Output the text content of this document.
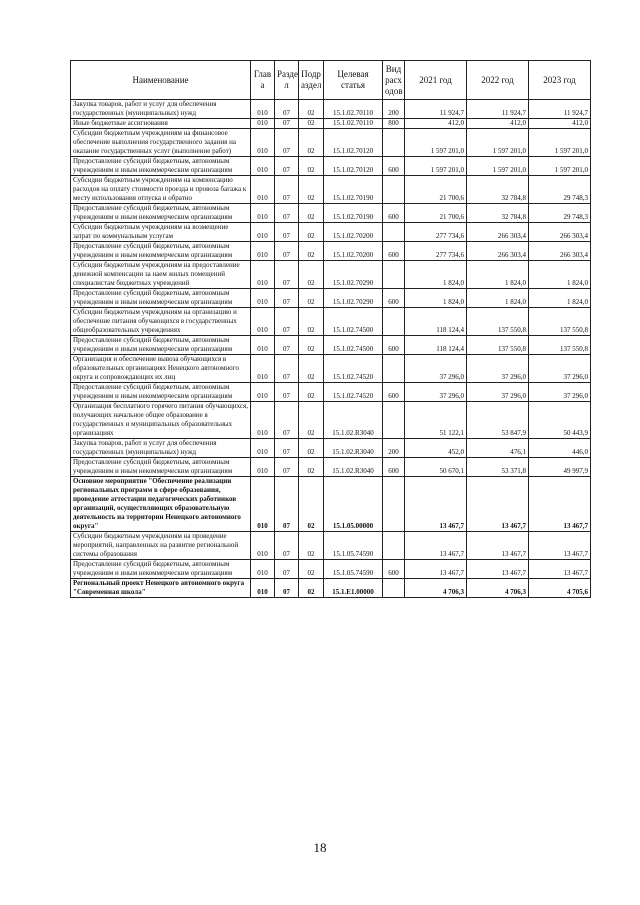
Наименование	Глав а	Разде л	Подр аздел	Целевая статья	Вид расх одов	2021 год	2022 год	2023 год
Закупка товаров, работ и услуг для обеспечения государственных (муниципальных) нужд	010	07	02	15.1.02.70110	200	11 924,7	11 924,7	11 924,7
Иные бюджетные ассигнования	010	07	02	15.1.02.70110	800	412,0	412,0	412,0
Субсидии бюджетным учреждениям на финансовое обеспечение выполнения государственного задания на оказание государственных услуг (выполнение работ)	010	07	02	15.1.02.70120		1 597 201,0	1 597 201,0	1 597 201,0
Предоставление субсидий бюджетным, автономным учреждениям и иным некоммерческим организациям	010	07	02	15.1.02.70120	600	1 597 201,0	1 597 201,0	1 597 201,0
Субсидии бюджетным учреждениям на компенсацию расходов на оплату стоимости проезда и провоза багажа к месту использования отпуска и обратно	010	07	02	15.1.02.70190		21 700,6	32 784,8	29 748,3
Предоставление субсидий бюджетным, автономным учреждениям и иным некоммерческим организациям	010	07	02	15.1.02.70190	600	21 700,6	32 784,8	29 748,3
Субсидии бюджетным учреждениям на возмещение затрат по коммунальным услугам	010	07	02	15.1.02.70200		277 734,6	266 303,4	266 303,4
Предоставление субсидий бюджетным, автономным учреждениям и иным некоммерческим организациям	010	07	02	15.1.02.70200	600	277 734,6	266 303,4	266 303,4
Субсидии бюджетным учреждениям на предоставление денежной компенсации за наем жилых помещений специалистам бюджетных учреждений	010	07	02	15.1.02.70290		1 824,0	1 824,0	1 824,0
Предоставление субсидий бюджетным, автономным учреждениям и иным некоммерческим организациям	010	07	02	15.1.02.70290	600	1 824,0	1 824,0	1 824,0
Субсидии бюджетным учреждениям на организацию и обеспечение питания обучающихся в государственных общеобразовательных учреждениях	010	07	02	15.1.02.74500		118 124,4	137 550,8	137 550,8
Предоставление субсидий бюджетным, автономным учреждениям и иным некоммерческим организациям	010	07	02	15.1.02.74500	600	118 124,4	137 550,8	137 550,8
Организация и обеспечение вывоза обучающихся в образовательных организациях Ненецкого автономного округа и сопровождающих их лиц	010	07	02	15.1.02.74520		37 296,0	37 296,0	37 296,0
Предоставление субсидий бюджетным, автономным учреждениям и иным некоммерческим организациям	010	07	02	15.1.02.74520	600	37 296,0	37 296,0	37 296,0
Организация бесплатного горячего питания обучающихся, получающих начальное общее образование в государственных и муниципальных образовательных организациях	010	07	02	15.1.02.R3040		51 122,1	53 847,9	50 443,9
Закупка товаров, работ и услуг для обеспечения государственных (муниципальных) нужд	010	07	02	15.1.02.R3040	200	452,0	476,1	446,0
Предоставление субсидий бюджетным, автономным учреждениям и иным некоммерческим организациям	010	07	02	15.1.02.R3040	600	50 670,1	53 371,8	49 997,9
Основное мероприятие "Обеспечение реализации региональных программ в сфере образования, проведение аттестации педагогических работников организаций, осуществляющих образовательную деятельность на территории Ненецкого автономного округа"	010	07	02	15.1.05.00000		13 467,7	13 467,7	13 467,7
Субсидии бюджетным учреждениям на проведение мероприятий, направленных на развитие региональной системы образования	010	07	02	15.1.05.74590		13 467,7	13 467,7	13 467,7
Предоставление субсидий бюджетным, автономным учреждениям и иным некоммерческим организациям	010	07	02	15.1.05.74590	600	13 467,7	13 467,7	13 467,7
Региональный проект Ненецкого автономного округа "Современная школа"	010	07	02	15.1.E1.00000		4 706,3	4 706,3	4 705,6
18
